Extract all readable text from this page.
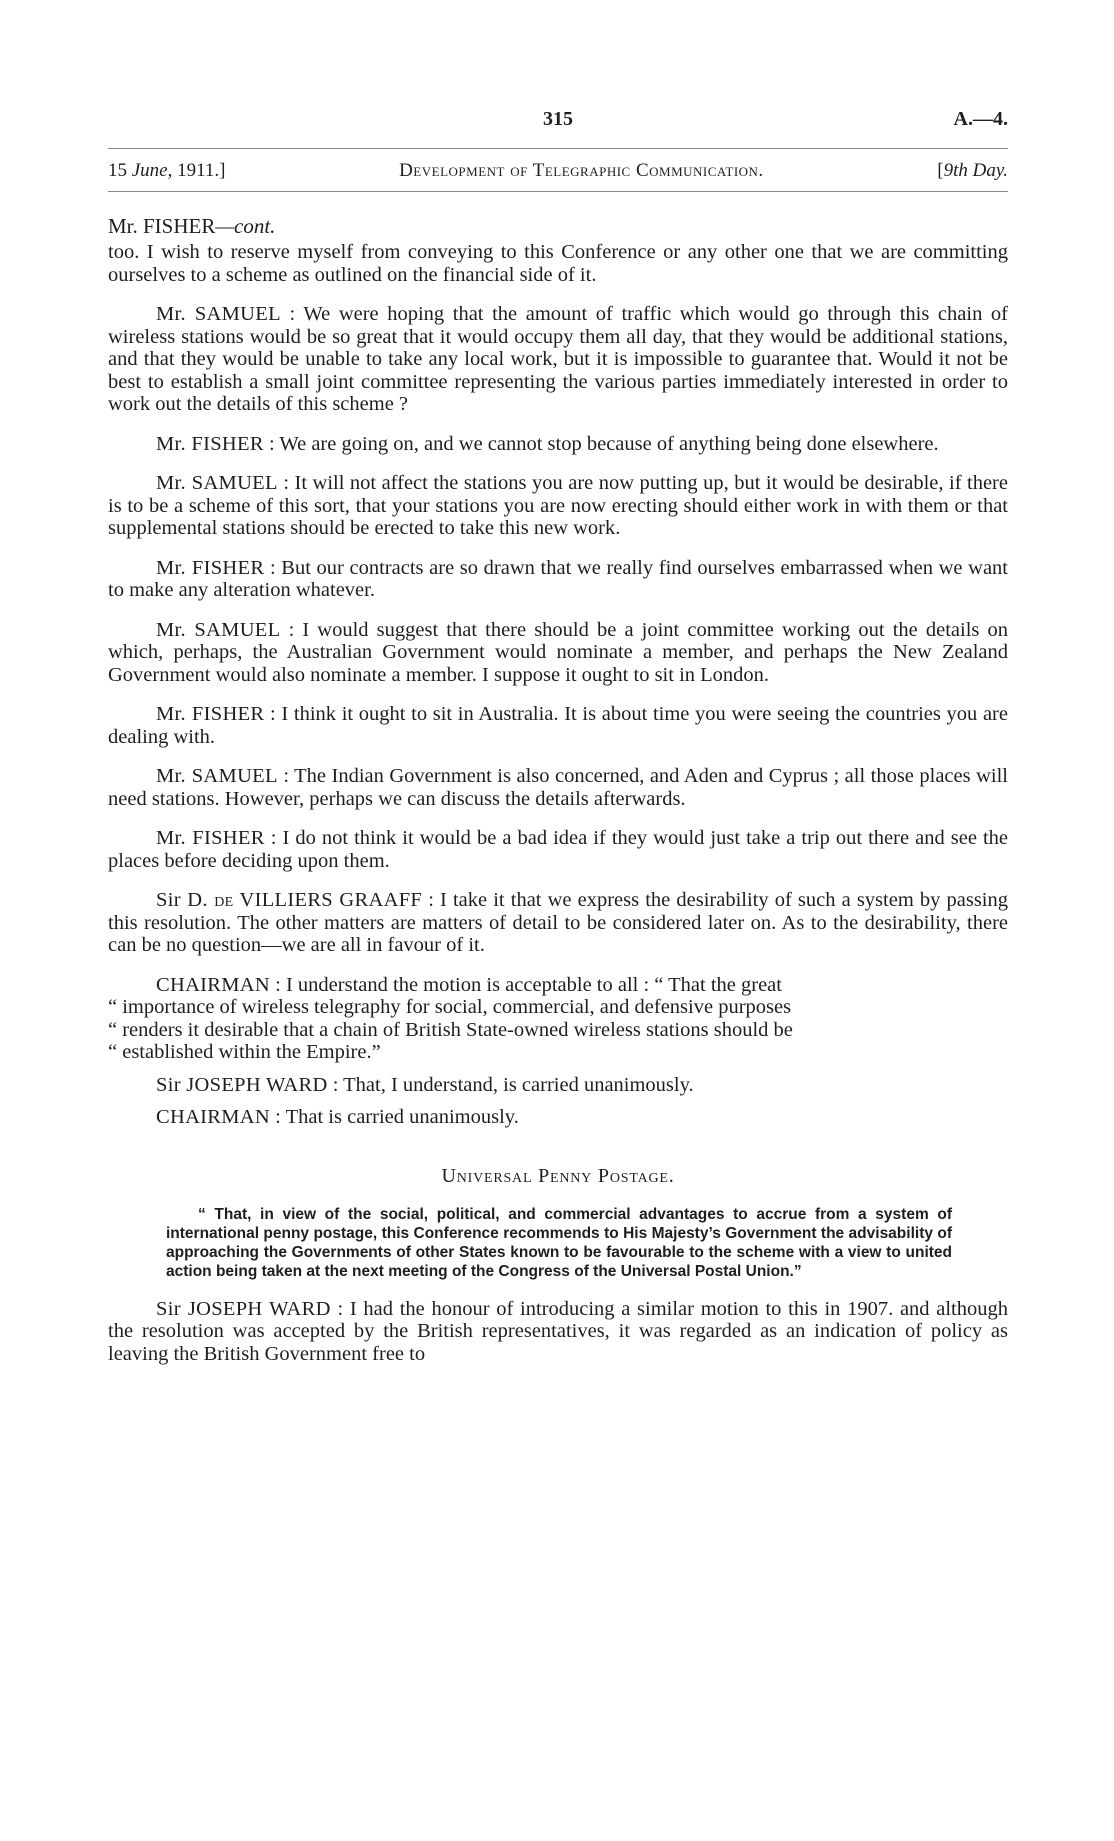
315	A.—4.
15 June, 1911.]	Development of Telegraphic Communication.	[9th Day.
Mr. FISHER—cont.

too. I wish to reserve myself from conveying to this Conference or any other one that we are committing ourselves to a scheme as outlined on the financial side of it.

Mr. SAMUEL : We were hoping that the amount of traffic which would go through this chain of wireless stations would be so great that it would occupy them all day, that they would be additional stations, and that they would be unable to take any local work, but it is impossible to guarantee that. Would it not be best to establish a small joint committee representing the various parties immediately interested in order to work out the details of this scheme ?

Mr. FISHER : We are going on, and we cannot stop because of anything being done elsewhere.

Mr. SAMUEL : It will not affect the stations you are now putting up, but it would be desirable, if there is to be a scheme of this sort, that your stations you are now erecting should either work in with them or that supplemental stations should be erected to take this new work.

Mr. FISHER : But our contracts are so drawn that we really find ourselves embarrassed when we want to make any alteration whatever.

Mr. SAMUEL : I would suggest that there should be a joint committee working out the details on which, perhaps, the Australian Government would nominate a member, and perhaps the New Zealand Government would also nominate a member. I suppose it ought to sit in London.

Mr. FISHER : I think it ought to sit in Australia. It is about time you were seeing the countries you are dealing with.

Mr. SAMUEL : The Indian Government is also concerned, and Aden and Cyprus ; all those places will need stations. However, perhaps we can discuss the details afterwards.

Mr. FISHER : I do not think it would be a bad idea if they would just take a trip out there and see the places before deciding upon them.

Sir D. de VILLIERS GRAAFF : I take it that we express the desirability of such a system by passing this resolution. The other matters are matters of detail to be considered later on. As to the desirability, there can be no question—we are all in favour of it.

CHAIRMAN : I understand the motion is acceptable to all : “ That the great
“ importance of wireless telegraphy for social, commercial, and defensive purposes
“ renders it desirable that a chain of British State-owned wireless stations should be
“ established within the Empire.”

Sir JOSEPH WARD : That, I understand, is carried unanimously.

CHAIRMAN : That is carried unanimously.

Universal Penny Postage.
“ That, in view of the social, political, and commercial advantages to accrue from a system of international penny postage, this Conference recommends to His Majesty’s Government the advisability of approaching the Governments of other States known to be favourable to the scheme with a view to united action being taken at the next meeting of the Congress of the Universal Postal Union.”

Sir JOSEPH WARD : I had the honour of introducing a similar motion to this in 1907. and although the resolution was accepted by the British representatives, it was regarded as an indication of policy as leaving the British Government free to
